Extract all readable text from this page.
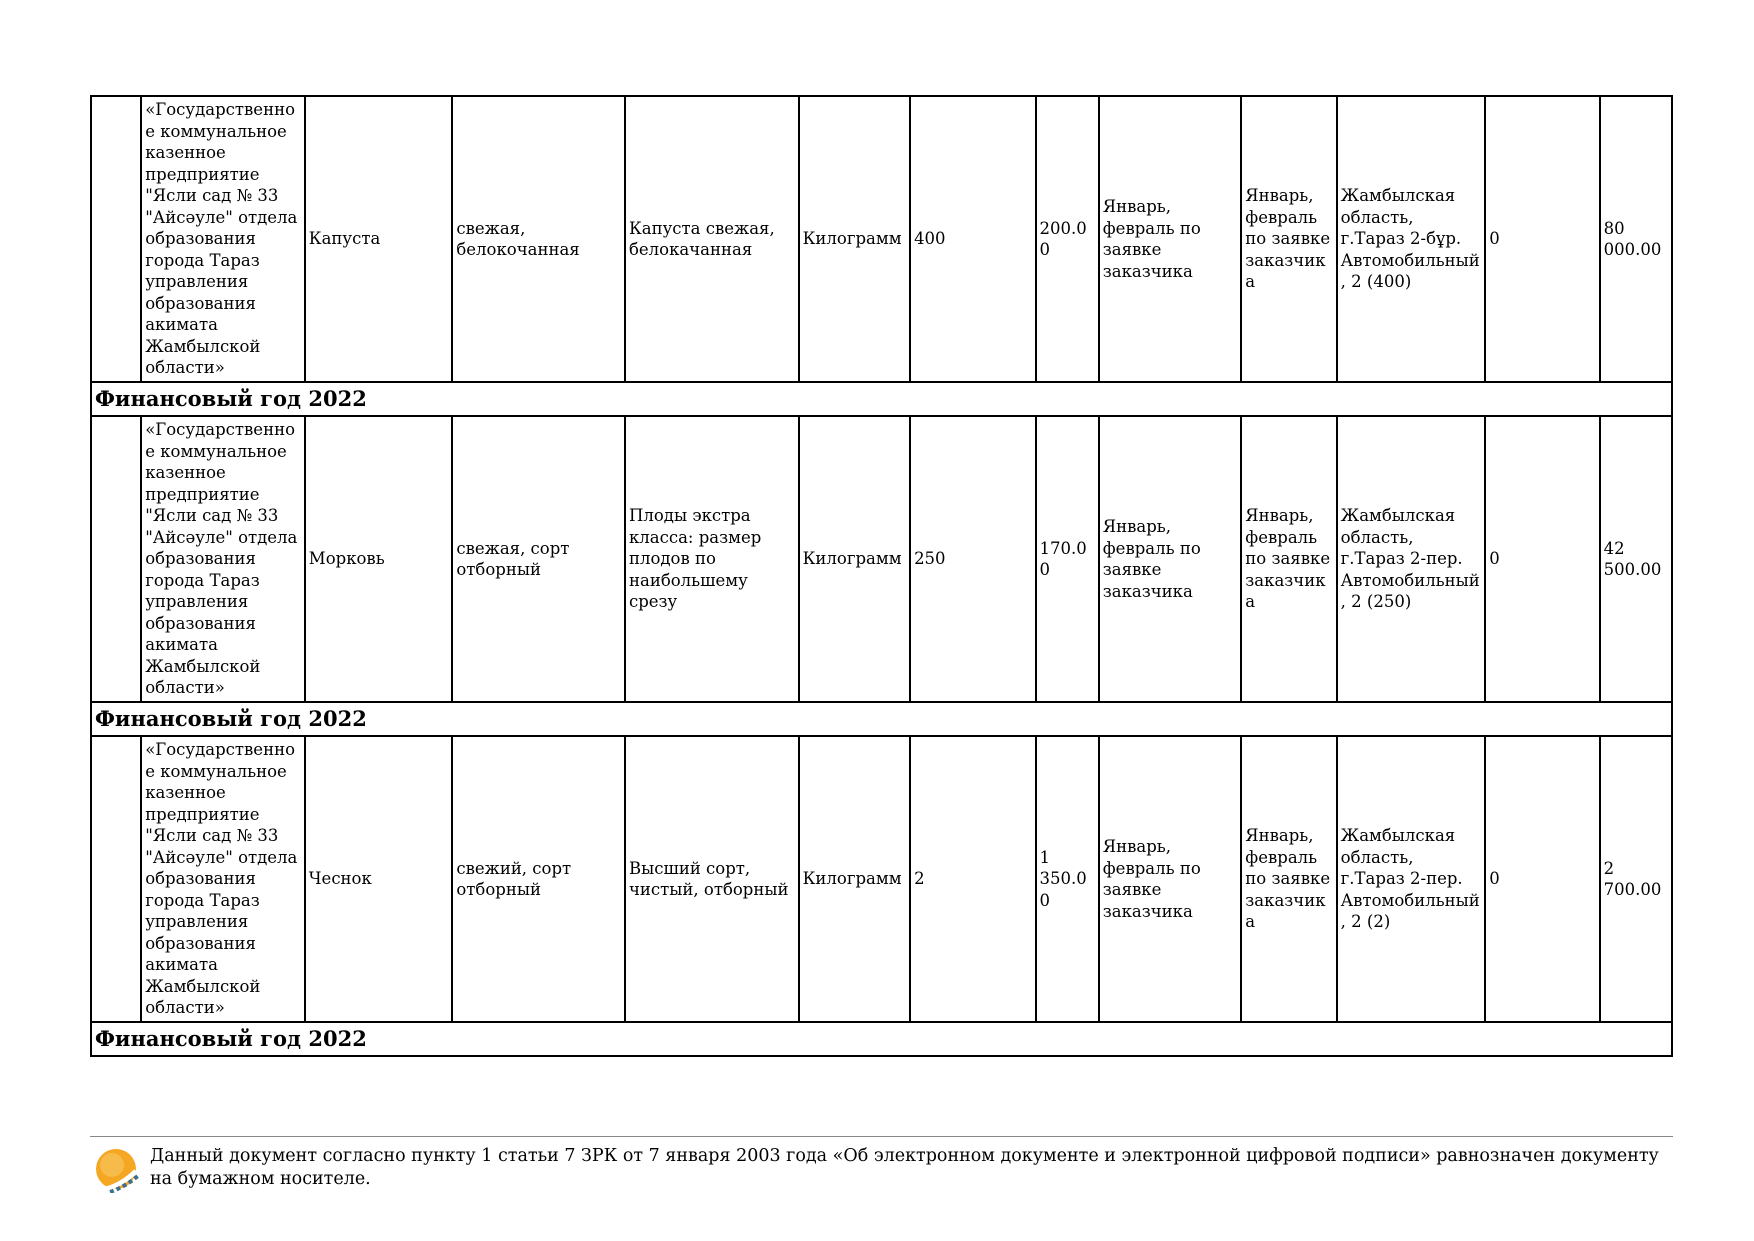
	«Государственное коммунальное казенное предприятие "Ясли сад № 33 "Айсәуле" отдела образования города Тараз управления образования акимата Жамбылской области»	Капуста	свежая, белокочанная	Капуста свежая, белокачанная	Килограмм	400	200.00	Январь, февраль по заявке заказчика	Январь, февраль по заявке заказчика	Жамбылская область, г.Тараз 2-бұр. Автомобильный, 2 (400)	0	80 000.00
Финансовый год 2022												
	«Государственное коммунальное казенное предприятие "Ясли сад № 33 "Айсәуле" отдела образования города Тараз управления образования акимата Жамбылской области»	Морковь	свежая, сорт отборный	Плоды экстра класса: размер плодов по наибольшему срезу	Килограмм	250	170.00	Январь, февраль по заявке заказчика	Январь, февраль по заявке заказчика	Жамбылская область, г.Тараз 2-пер. Автомобильный, 2 (250)	0	42 500.00
Финансовый год 2022												
	«Государственное коммунальное казенное предприятие "Ясли сад № 33 "Айсәуле" отдела образования города Тараз управления образования акимата Жамбылской области»	Чеснок	свежий, сорт отборный	Высший сорт, чистый, отборный	Килограмм	2	1 350.00	Январь, февраль по заявке заказчика	Январь, февраль по заявке заказчика	Жамбылская область, г.Тараз 2-пер. Автомобильный, 2 (2)	0	2 700.00
Финансовый год 2022												
Данный документ согласно пункту 1 статьи 7 ЗРК от 7 января 2003 года «Об электронном документе и электронной цифровой подписи» равнозначен документу на бумажном носителе.
